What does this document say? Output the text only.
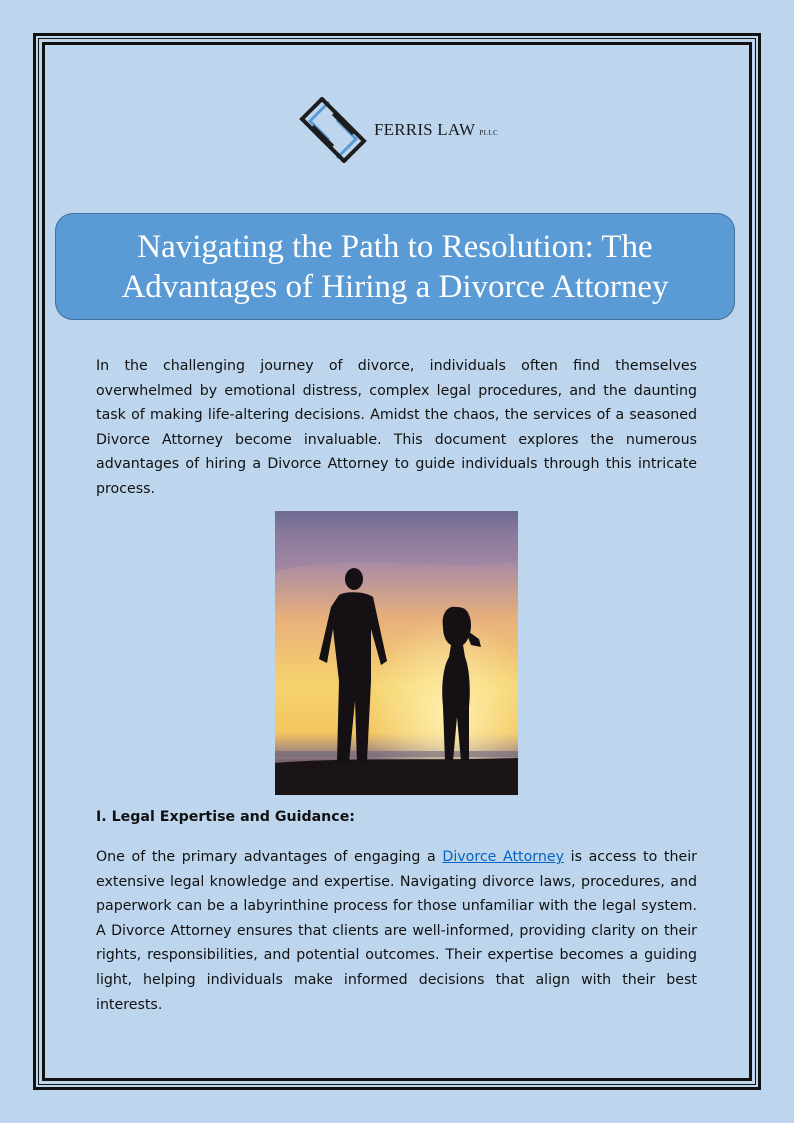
FERRIS LAW PLLC
Navigating the Path to Resolution: The Advantages of Hiring a Divorce Attorney

In the challenging journey of divorce, individuals often find themselves overwhelmed by emotional distress, complex legal procedures, and the daunting task of making life-altering decisions. Amidst the chaos, the services of a seasoned Divorce Attorney become invaluable. This document explores the numerous advantages of hiring a Divorce Attorney to guide individuals through this intricate process.

I. Legal Expertise and Guidance:

One of the primary advantages of engaging a Divorce Attorney is access to their extensive legal knowledge and expertise. Navigating divorce laws, procedures, and paperwork can be a labyrinthine process for those unfamiliar with the legal system. A Divorce Attorney ensures that clients are well-informed, providing clarity on their rights, responsibilities, and potential outcomes. Their expertise becomes a guiding light, helping individuals make informed decisions that align with their best interests.
